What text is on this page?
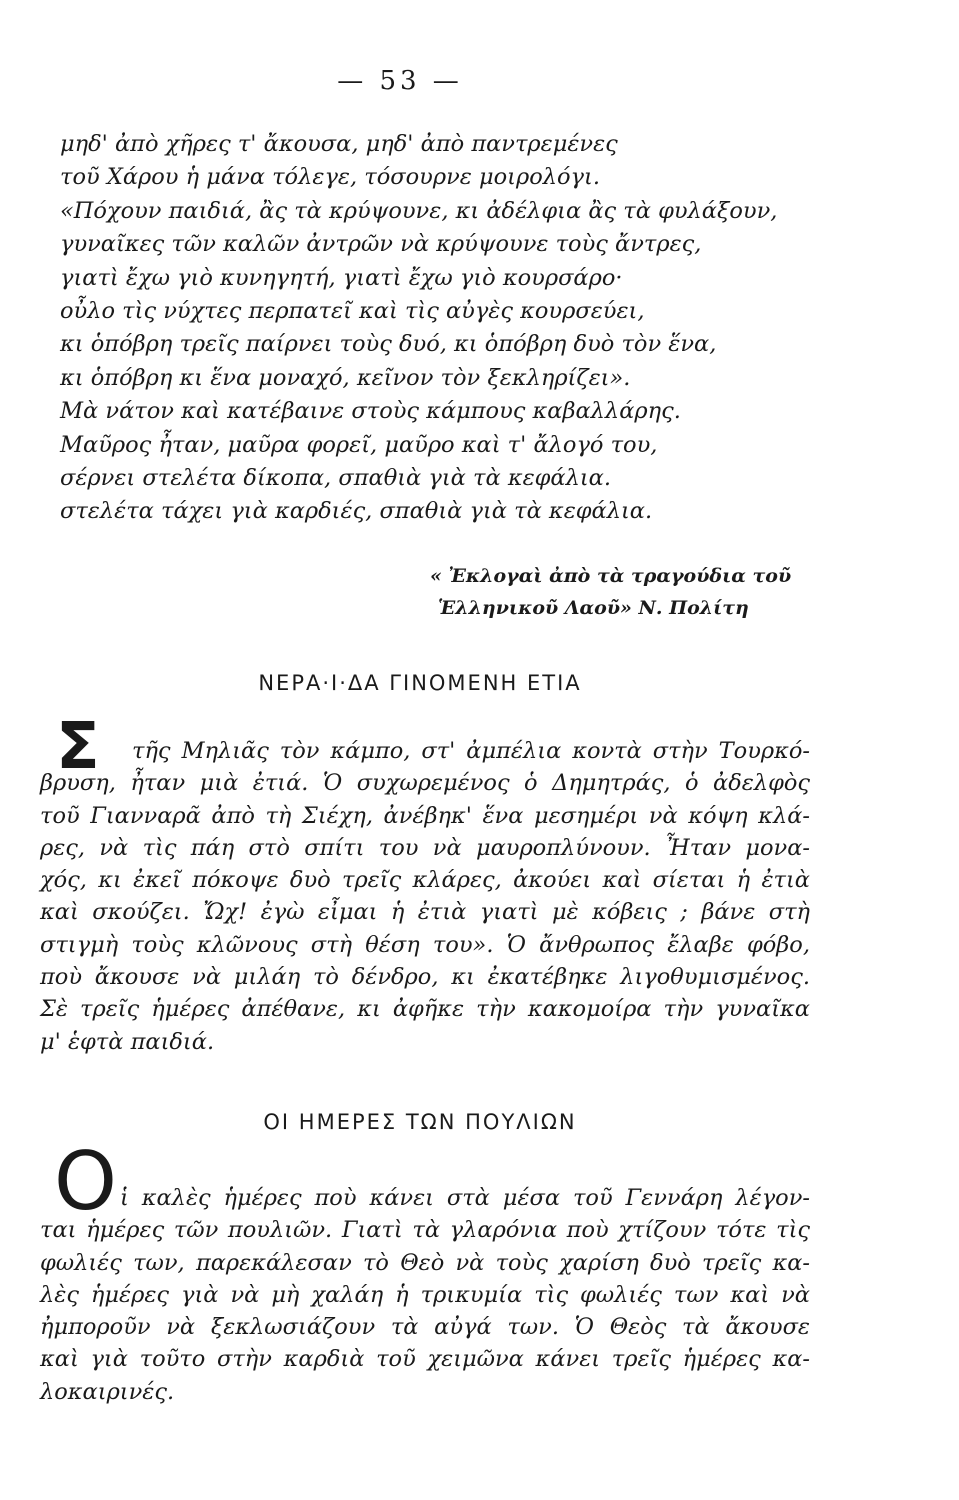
— 53 —
μηδ' ἀπὸ χῆρες τ' ἄκουσα, μηδ' ἀπὸ παντρεμένες
τοῦ Χάρου ἡ μάνα τόλεγε, τόσουρνε μοιρολόγι.
«Πόχουν παιδιά, ἂς τὰ κρύψουνε, κι ἀδέλφια ἂς τὰ φυλάξουν,
γυναῖκες τῶν καλῶν ἀντρῶν νὰ κρύψουνε τοὺς ἄντρες,
γιατὶ ἔχω γιὸ κυνηγητή, γιατὶ ἔχω γιὸ κουρσάρο·
οὖλο τὶς νύχτες περπατεῖ καὶ τὶς αὐγὲς κουρσεύει,
κι ὁπόβρη τρεῖς παίρνει τοὺς δυό, κι ὁπόβρη δυὸ τὸν ἕνα,
κι ὁπόβρη κι ἕνα μοναχό, κεῖνον τὸν ξεκληρίζει».
Μὰ νάτον καὶ κατέβαινε στοὺς κάμπους καβαλλάρης.
Μαῦρος ἦταν, μαῦρα φορεῖ, μαῦρο καὶ τ' ἄλογό του,
σέρνει στελέτα δίκοπα, σπαθιὰ γιὰ τὰ κεφάλια.
στελέτα τάχει γιὰ καρδιές, σπαθιὰ γιὰ τὰ κεφάλια.
« Ἐκλογαὶ ἀπὸ τὰ τραγούδια τοῦ
Ἑλληνικοῦ Λαοῦ» Ν. Πολίτη
ΝΕΡΑ·Ι·ΔΑ ΓΙΝΟΜΕΝΗ ΕΤΙΑ
Σ	τῆς Μηλιᾶς τὸν κάμπο, στ' ἀμπέλια κοντὰ στὴν Τουρκό-
βρυση, ἦταν μιὰ ἐτιά. Ὁ συχωρεμένος ὁ Δημητράς, ὁ ἀδελφὸς
τοῦ Γιανναρᾶ ἀπὸ τὴ Σιέχη, ἀνέβηκ' ἕνα μεσημέρι νὰ κόψη κλά-
ρες, νὰ τὶς πάη στὸ σπίτι του νὰ μαυροπλύνουν. Ἦταν μονα-
χός, κι ἐκεῖ πόκοψε δυὸ τρεῖς κλάρες, ἀκούει καὶ σίεται ἡ ἐτιὰ
καὶ σκούζει. Ὤχ! ἐγὼ εἶμαι ἡ ἐτιὰ γιατὶ μὲ κόβεις ; βάνε στὴ
στιγμὴ τοὺς κλῶνους στὴ θέση του». Ὁ ἄνθρωπος ἔλαβε φόβο,
ποὺ ἄκουσε νὰ μιλάη τὸ δένδρο, κι ἐκατέβηκε λιγοθυμισμένος.
Σὲ τρεῖς ἡμέρες ἀπέθανε, κι ἀφῆκε τὴν κακομοίρα τὴν γυναῖκα
μ' ἑφτὰ παιδιά.
ΟΙ ΗΜΕΡΕΣ ΤΩΝ ΠΟΥΛΙΩΝ
Ο ἱ καλὲς ἡμέρες ποὺ κάνει στὰ μέσα τοῦ Γεννάρη λέγον-
ται ἡμέρες τῶν πουλιῶν. Γιατὶ τὰ γλαρόνια ποὺ χτίζουν τότε τὶς
φωλιές των, παρεκάλεσαν τὸ Θεὸ νὰ τοὺς χαρίση δυὸ τρεῖς κα-
λὲς ἡμέρες γιὰ νὰ μὴ χαλάη ἡ τρικυμία τὶς φωλιές των καὶ νὰ
ἠμποροῦν νὰ ξεκλωσιάζουν τὰ αὐγά των. Ὁ Θεὸς τὰ ἄκουσε
καὶ γιὰ τοῦτο στὴν καρδιὰ τοῦ χειμῶνα κάνει τρεῖς ἡμέρες κα-
λοκαιρινές.
